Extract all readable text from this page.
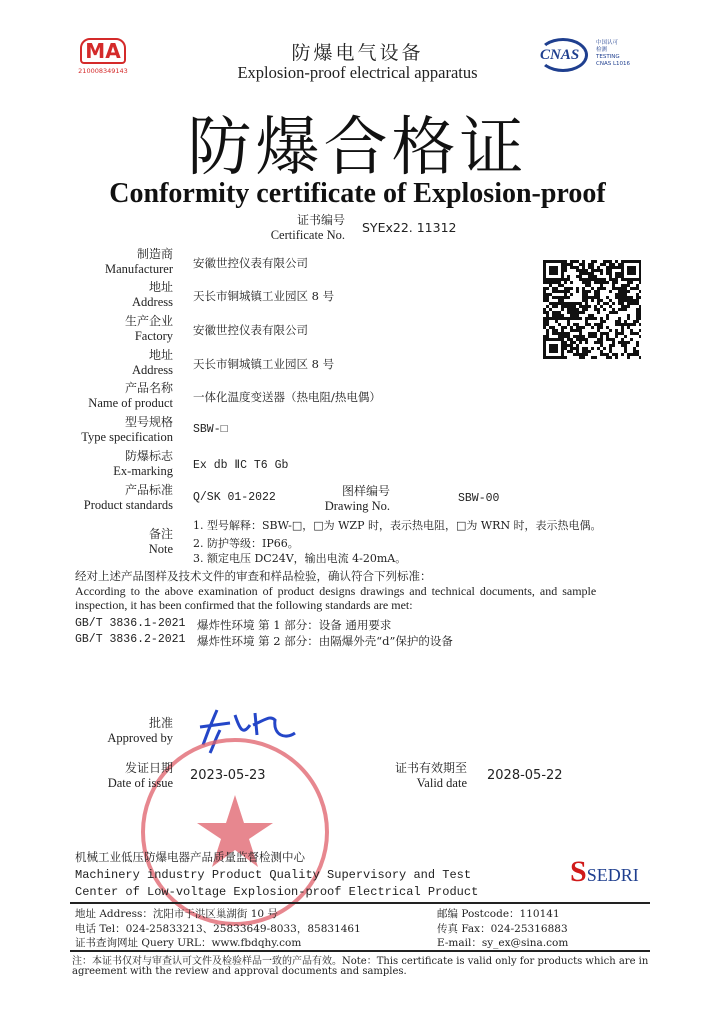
MA
210008349143
防爆电气设备
Explosion-proof electrical apparatus
CNAS
中国认可
检测
TESTING
CNAS L1016
防爆合格证
Conformity certificate of Explosion-proof
证书编号
Certificate No. SYEx22. 11312
制造商
Manufacturer 安徽世控仪表有限公司
地址
Address 天长市铜城镇工业园区 8 号
生产企业
Factory 安徽世控仪表有限公司
地址
Address 天长市铜城镇工业园区 8 号
产品名称
Name of product 一体化温度变送器（热电阻/热电偶）
型号规格
Type specification
SBW-□
防爆标志
Ex-marking Ex db ⅡC T6 Gb
产品标准
Product standards
Q/SK 01-2022	图样编号
Drawing No.
SBW-00
备注
Note
1. 型号解释：SBW-□，□为 WZP 时，表示热电阻，□为 WRN 时，表示热电偶。
2. 防护等级：IP66。
3. 额定电压 DC24V，输出电流 4-20mA。
经对上述产品图样及技术文件的审查和样品检验，确认符合下列标准：
According to the above examination of product designs drawings and technical documents, and sample
inspection, it has been confirmed that the following standards are met:
GB/T 3836.1-2021 爆炸性环境 第 1 部分：设备 通用要求
GB/T 3836.2-2021 爆炸性环境 第 2 部分：由隔爆外壳“d”保护的设备
批准
Approved by
发证日期
Date of issue 2023-05-23	证书有效期至
Valid date 2028-05-22
机械工业低压防爆电器产品质量监督检测中心
Machinery industry Product Quality Supervisory and Test
Center of Low-voltage Explosion-proof Electrical Product
SSEDRI
地址 Address：沈阳市于洪区巢湖街 10 号
电话 Tel：024-25833213、25833649-8033，85831461
证书查询网址 Query URL：www.fbdqhy.com
邮编 Postcode：110141
传真 Fax：024-25316883
E-mail：sy_ex@sina.com
注：本证书仅对与审查认可文件及检验样品一致的产品有效。Note：This certificate is valid only for products which are in
agreement with the review and approval documents and samples.
